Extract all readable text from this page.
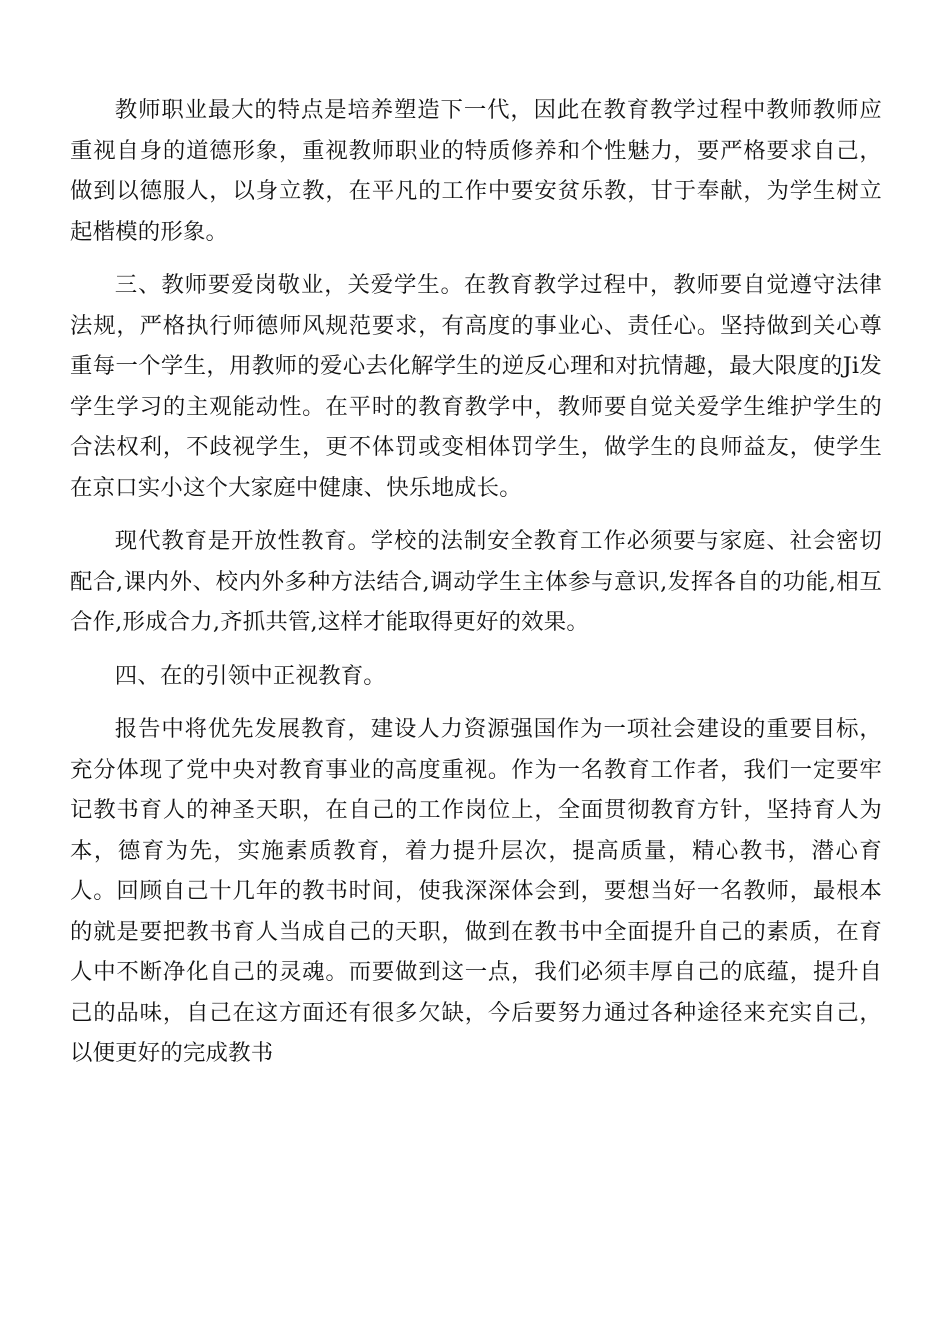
教师职业最大的特点是培养塑造下一代，因此在教育教学过程中教师教师应重视自身的道德形象，重视教师职业的特质修养和个性魅力，要严格要求自己，做到以德服人，以身立教，在平凡的工作中要安贫乐教，甘于奉献，为学生树立起楷模的形象。

三、教师要爱岗敬业，关爱学生。在教育教学过程中，教师要自觉遵守法律法规，严格执行师德师风规范要求，有高度的事业心、责任心。坚持做到关心尊重每一个学生，用教师的爱心去化解学生的逆反心理和对抗情趣，最大限度的Ji发学生学习的主观能动性。在平时的教育教学中，教师要自觉关爱学生维护学生的合法权利，不歧视学生，更不体罚或变相体罚学生，做学生的良师益友，使学生在京口实小这个大家庭中健康、快乐地成长。

现代教育是开放性教育。学校的法制安全教育工作必须要与家庭、社会密切配合,课内外、校内外多种方法结合,调动学生主体参与意识,发挥各自的功能,相互合作,形成合力,齐抓共管,这样才能取得更好的效果。

四、在的引领中正视教育。

报告中将优先发展教育，建设人力资源强国作为一项社会建设的重要目标，充分体现了党中央对教育事业的高度重视。作为一名教育工作者，我们一定要牢记教书育人的神圣天职，在自己的工作岗位上，全面贯彻教育方针，坚持育人为本，德育为先，实施素质教育，着力提升层次，提高质量，精心教书，潜心育人。回顾自己十几年的教书时间，使我深深体会到，要想当好一名教师，最根本的就是要把教书育人当成自己的天职，做到在教书中全面提升自己的素质，在育人中不断净化自己的灵魂。而要做到这一点，我们必须丰厚自己的底蕴，提升自己的品味，自己在这方面还有很多欠缺，今后要努力通过各种途径来充实自己，以便更好的完成教书
